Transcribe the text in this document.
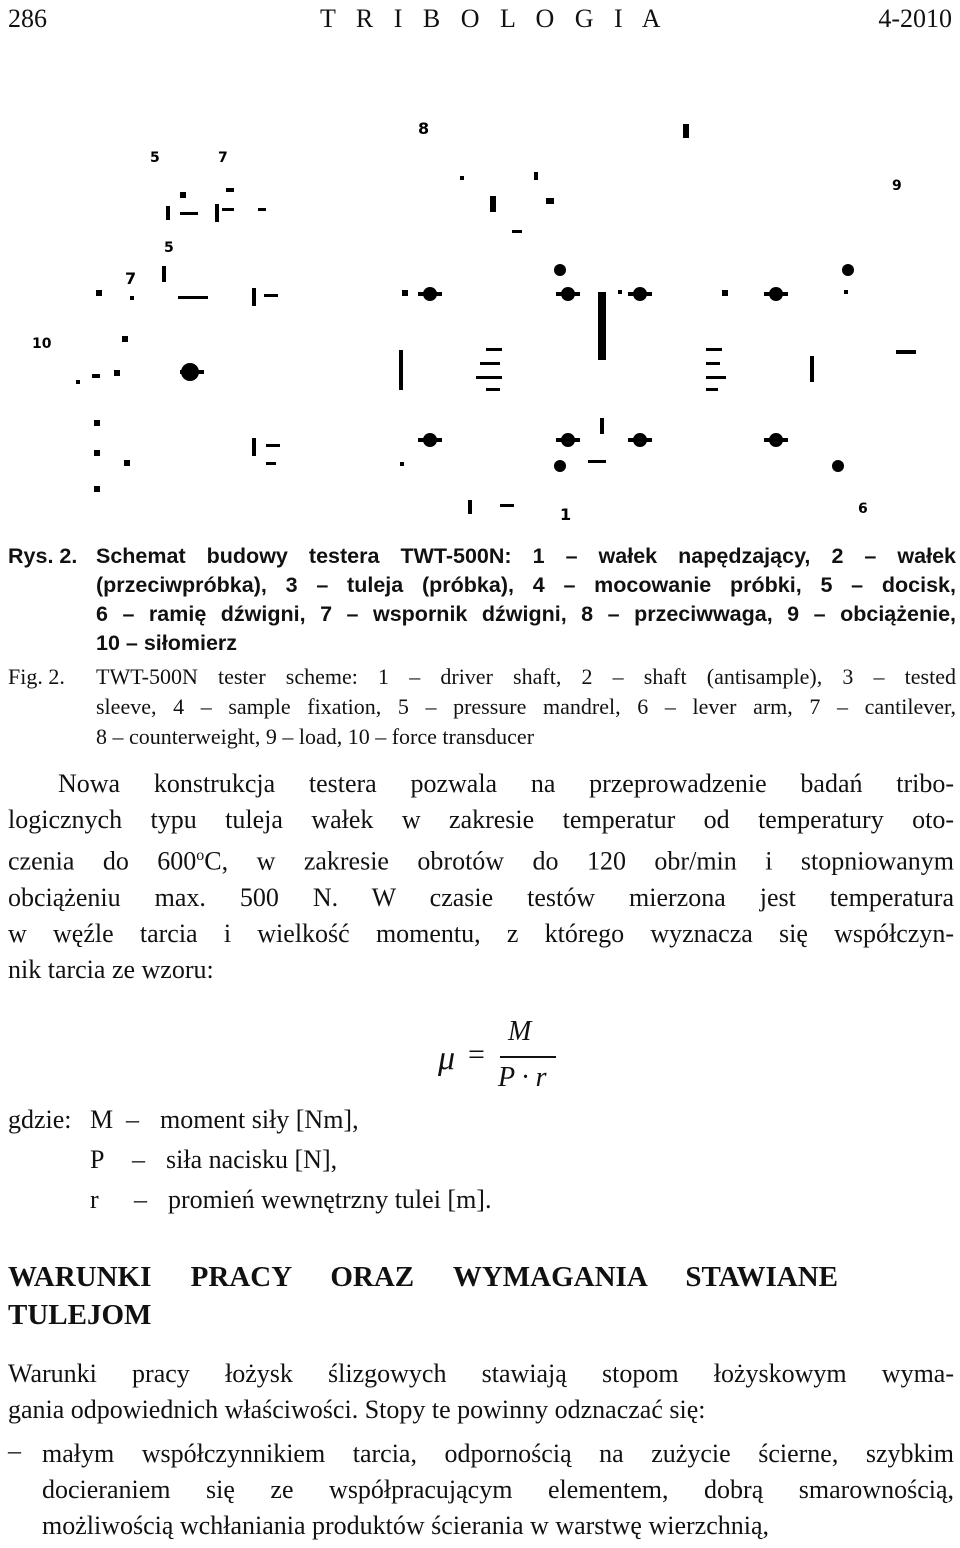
286	T R I B O L O G I A	4-2010
8
5	7
5
7
10
1	6
9
Rys. 2. Schemat budowy testera TWT-500N: 1 – wałek napędzający, 2 – wałek
(przeciwpróbka), 3 – tuleja (próbka), 4 – mocowanie próbki, 5 – docisk,
6 – ramię dźwigni, 7 – wspornik dźwigni, 8 – przeciwwaga, 9 – obciążenie,
10 – siłomierz
Fig. 2. TWT-500N tester scheme: 1 – driver shaft, 2 – shaft (antisample), 3 – tested
sleeve, 4 – sample fixation, 5 – pressure mandrel, 6 – lever arm, 7 – cantilever,
8 – counterweight, 9 – load, 10 – force transducer
Nowa konstrukcja testera pozwala na przeprowadzenie badań tribo-
logicznych typu tuleja wałek w zakresie temperatur od temperatury oto-
czenia do 600$^o$C, w zakresie obrotów do 120 obr/min i stopniowanym
obciążeniu max. 500 N. W czasie testów mierzona jest temperatura
w węźle tarcia i wielkość momentu, z którego wyznacza się współczyn-
nik tarcia ze wzoru:
μ =
M
P · r
gdzie: M – moment siły [Nm],
P – siła nacisku [N],
r – promień wewnętrzny tulei [m].
WARUNKI PRACY ORAZ WYMAGANIA STAWIANE
TULEJOM
Warunki pracy łożysk ślizgowych stawiają stopom łożyskowym wyma-
gania odpowiednich właściwości. Stopy te powinny odznaczać się:
– małym współczynnikiem tarcia, odpornością na zużycie ścierne, szybkim
docieraniem się ze współpracującym elementem, dobrą smarownością,
możliwością wchłaniania produktów ścierania w warstwę wierzchnią,
